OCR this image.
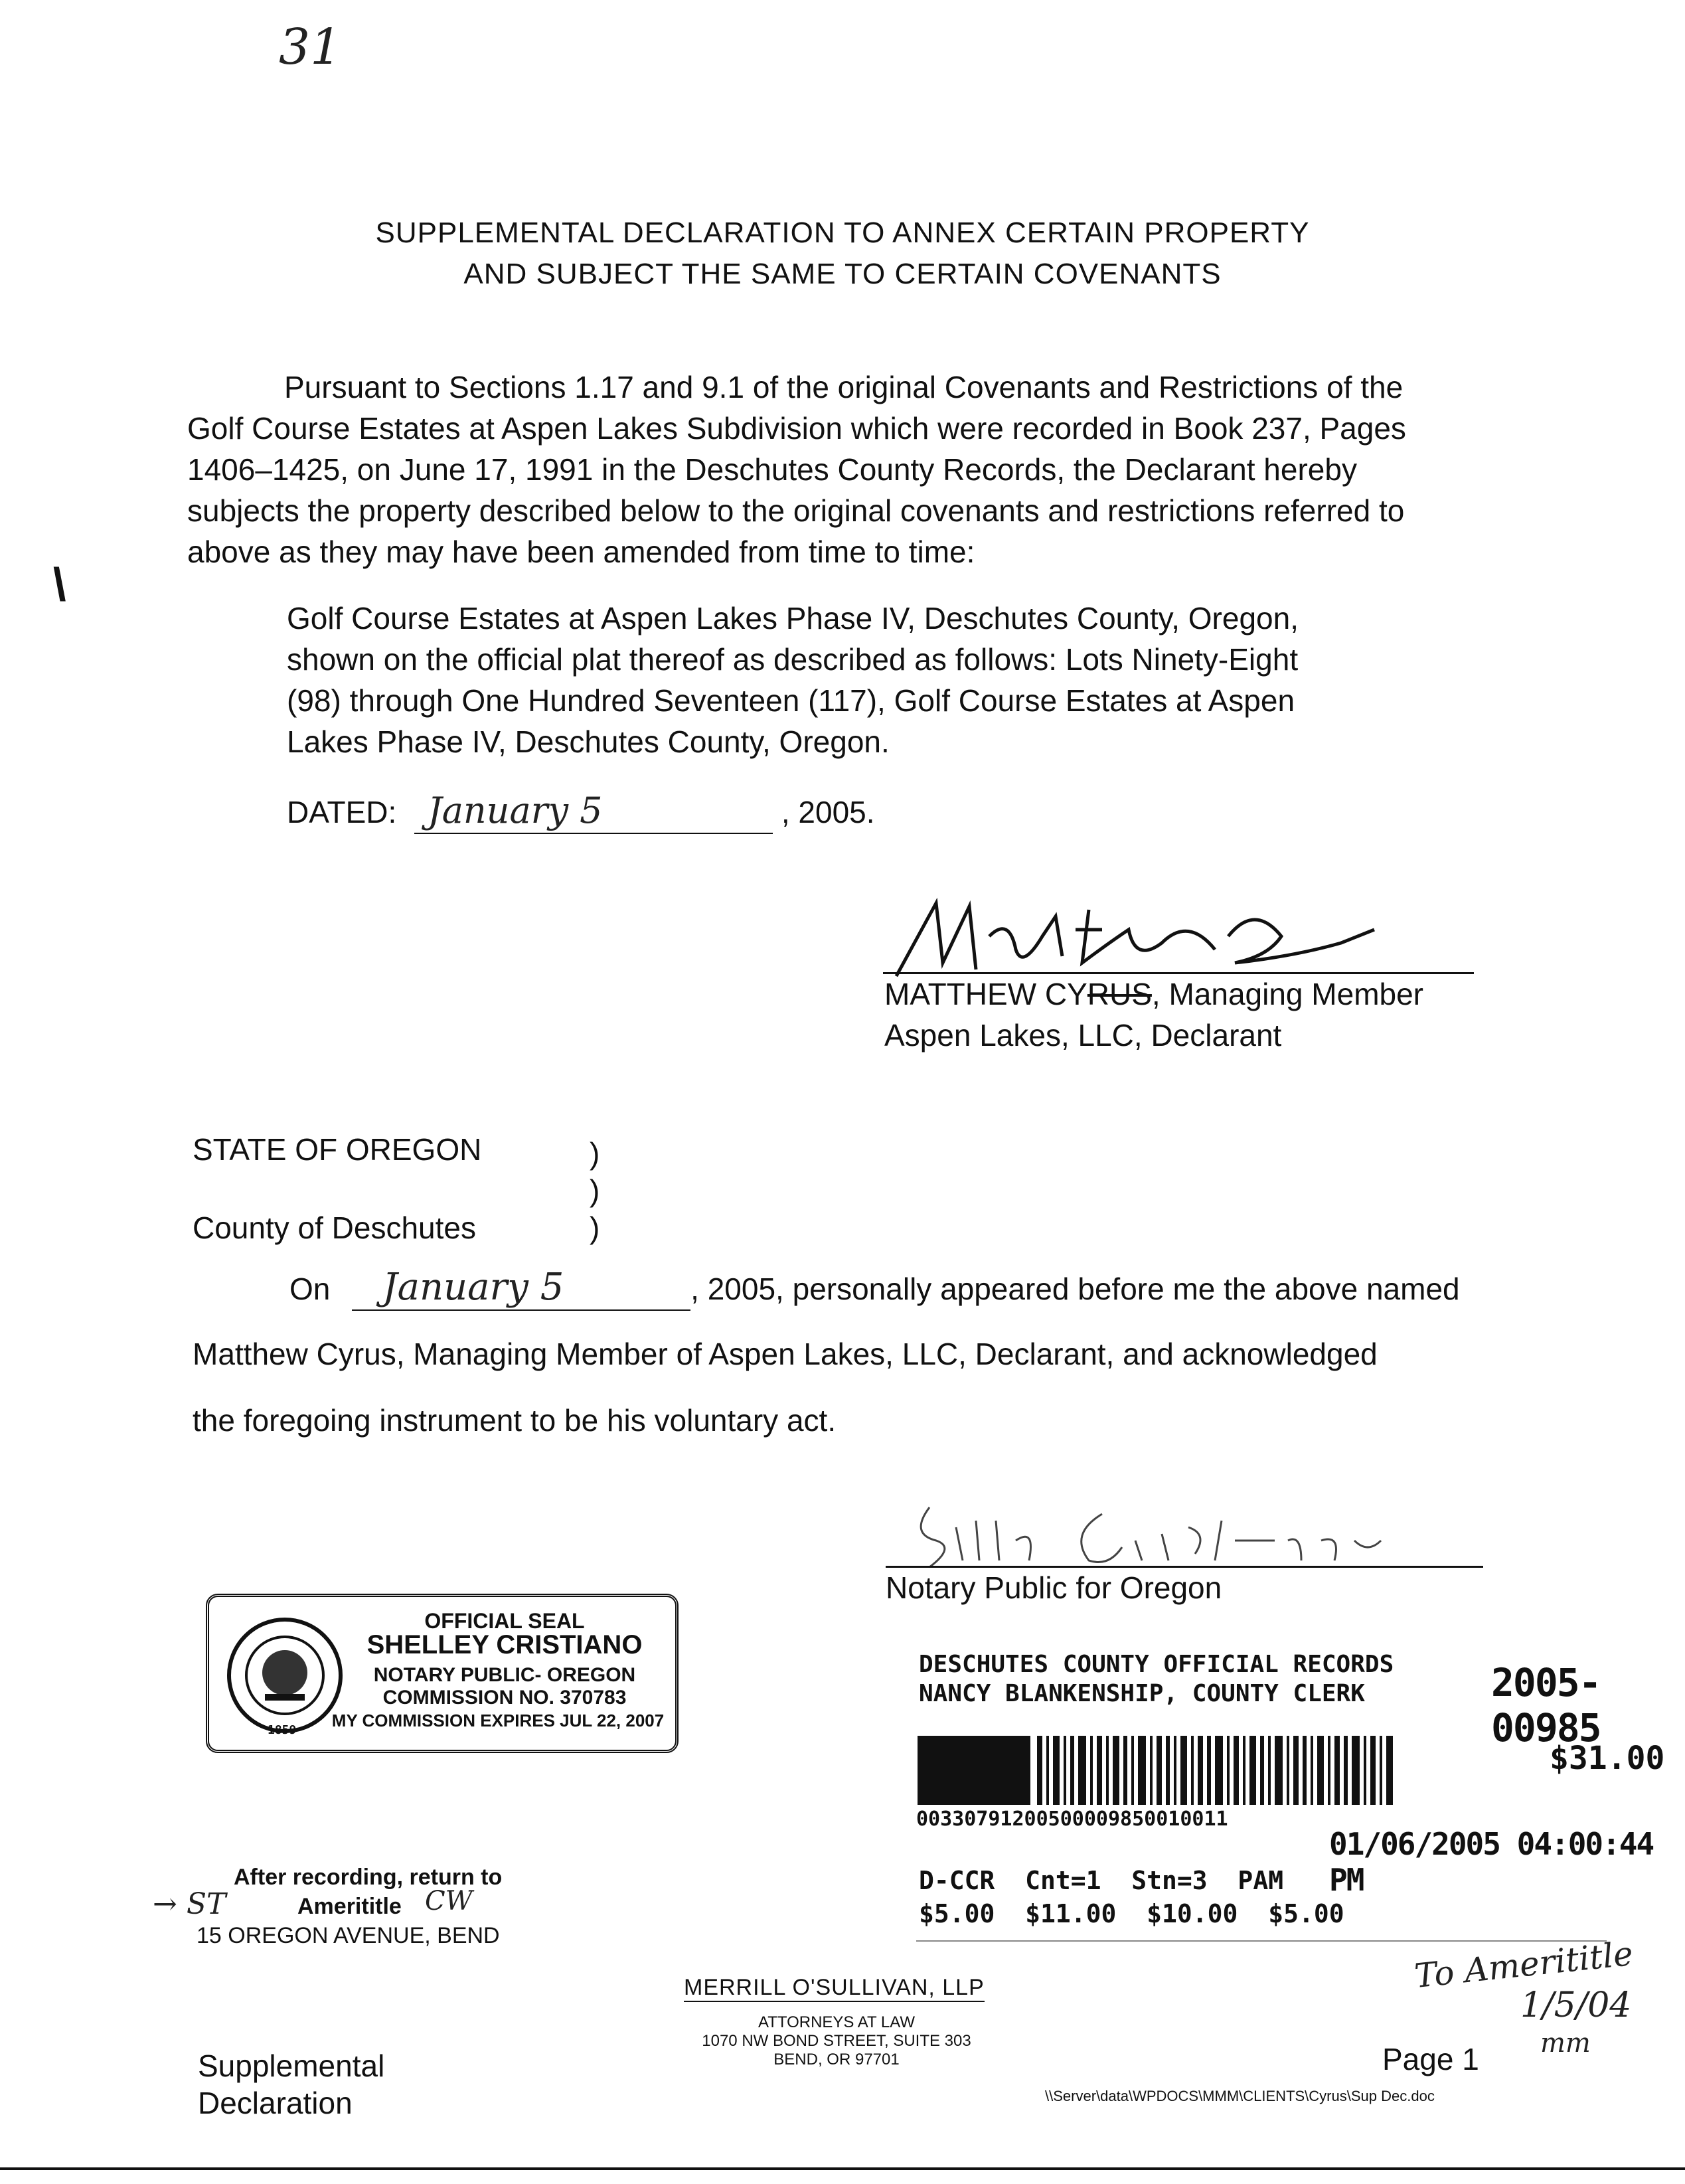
31
\
SUPPLEMENTAL DECLARATION TO ANNEX CERTAIN PROPERTY
AND SUBJECT THE SAME TO CERTAIN COVENANTS
Pursuant to Sections 1.17 and 9.1 of the original Covenants and Restrictions of the
Golf Course Estates at Aspen Lakes Subdivision which were recorded in Book 237, Pages
1406–1425, on June 17, 1991 in the Deschutes County Records, the Declarant hereby
subjects the property described below to the original covenants and restrictions referred to
above as they may have been amended from time to time:
Golf Course Estates at Aspen Lakes Phase IV, Deschutes County, Oregon,
shown on the official plat thereof as described as follows: Lots Ninety-Eight
(98) through One Hundred Seventeen (117), Golf Course Estates at Aspen
Lakes Phase IV, Deschutes County, Oregon.
DATED: January 5	, 2005.
MATTHEW CYRUS, Managing Member
Aspen Lakes, LLC, Declarant
STATE OF OREGON	)
)
County of Deschutes	)
On January 5	, 2005, personally appeared before me the above named
Matthew Cyrus, Managing Member of Aspen Lakes, LLC, Declarant, and acknowledged
the foregoing instrument to be his voluntary act.
Notary Public for Oregon
1859
OFFICIAL SEAL
SHELLEY CRISTIANO
NOTARY PUBLIC- OREGON
COMMISSION NO. 370783
MY COMMISSION EXPIRES JUL 22, 2007
DESCHUTES COUNTY OFFICIAL RECORDS
NANCY BLANKENSHIP, COUNTY CLERK	2005-00985
$31.00
00330791200500009850010011
01/06/2005 04:00:44 PM
D-CCR  Cnt=1  Stn=3  PAM
$5.00  $11.00  $10.00  $5.00
After recording, return to
→ ST	Amerititle CW
15 OREGON AVENUE, BEND
MERRILL O'SULLIVAN, LLP
ATTORNEYS AT LAW
1070 NW BOND STREET, SUITE 303
BEND, OR 97701
Supplemental
Declaration
Page 1
\\Server\data\WPDOCS\MMM\CLIENTS\Cyrus\Sup Dec.doc
To Amerititle
1/5/04
mm
